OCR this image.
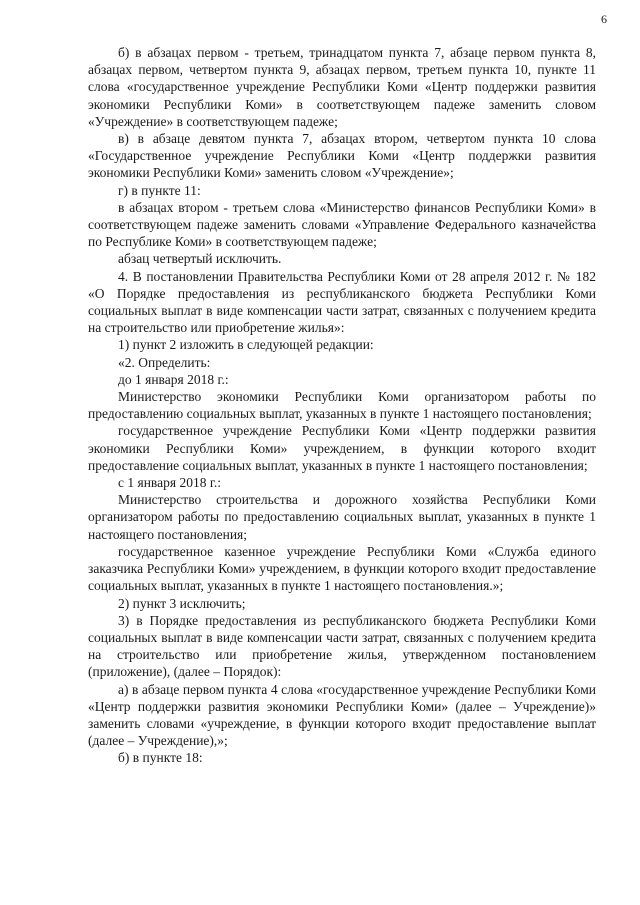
6

б) в абзацах первом - третьем, тринадцатом пункта 7, абзаце первом пункта 8, абзацах первом, четвертом пункта 9, абзацах первом, третьем пункта 10, пункте 11 слова «государственное учреждение Республики Коми «Центр поддержки развития экономики Республики Коми» в соответствующем падеже заменить словом «Учреждение» в соответствующем падеже;

в) в абзаце девятом пункта 7, абзацах втором, четвертом пункта 10 слова «Государственное учреждение Республики Коми «Центр поддержки развития экономики Республики Коми» заменить словом «Учреждение»;

г) в пункте 11:

в абзацах втором - третьем слова «Министерство финансов Республики Коми» в соответствующем падеже заменить словами «Управление Федерального казначейства по Республике Коми» в соответствующем падеже;

абзац четвертый исключить.

4. В постановлении Правительства Республики Коми от 28 апреля 2012 г. № 182 «О Порядке предоставления из республиканского бюджета Республики Коми социальных выплат в виде компенсации части затрат, связанных с получением кредита на строительство или приобретение жилья»:

1) пункт 2 изложить в следующей редакции:

«2. Определить:

до 1 января 2018 г.:

Министерство экономики Республики Коми организатором работы по предоставлению социальных выплат, указанных в пункте 1 настоящего постановления;

государственное учреждение Республики Коми «Центр поддержки развития экономики Республики Коми» учреждением, в функции которого входит предоставление социальных выплат, указанных в пункте 1 настоящего постановления;

с 1 января 2018 г.:

Министерство строительства и дорожного хозяйства Республики Коми организатором работы по предоставлению социальных выплат, указанных в пункте 1 настоящего постановления;

государственное казенное учреждение Республики Коми «Служба единого заказчика Республики Коми» учреждением, в функции которого входит предоставление социальных выплат, указанных в пункте 1 настоящего постановления.»;

2) пункт 3 исключить;

3) в Порядке предоставления из республиканского бюджета Республики Коми социальных выплат в виде компенсации части затрат, связанных с получением кредита на строительство или приобретение жилья, утвержденном постановлением (приложение), (далее – Порядок):

а) в абзаце первом пункта 4 слова «государственное учреждение Республики Коми «Центр поддержки развития экономики Республики Коми» (далее – Учреждение)» заменить словами «учреждение, в функции которого входит предоставление выплат (далее – Учреждение),»;

б) в пункте 18:
